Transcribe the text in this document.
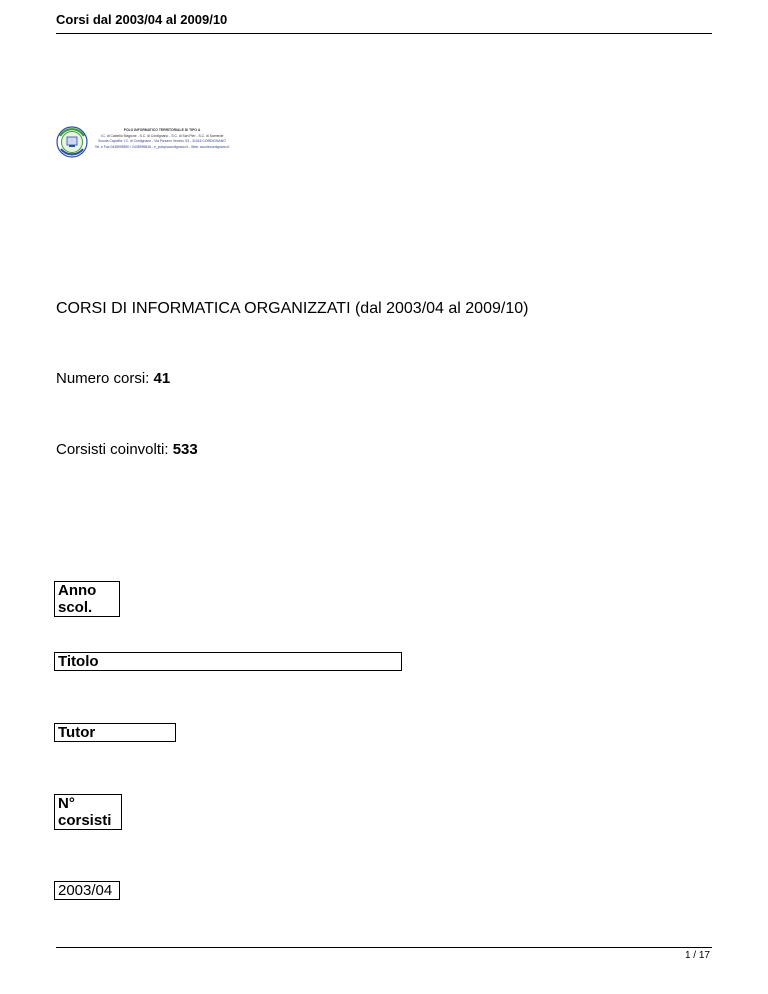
Corsi dal 2003/04 al 2009/10
POLO INFORMATICO TERRITORIALE DI TIPO A
I.C. di Castello Magione - S.C. di Cordignano - S.C. di San Pier - S.C. di Sarmede
Scuola Capofila: I.C. di Cordignano - Via Pizzano Veneto, 53 - 31016 CORDIGNANO
Tel. e Fax 0438995590 / 0438995818 - e_polopiucordignano.it - Web: scuolecordignano.it
CORSI DI INFORMATICA ORGANIZZATI (dal 2003/04 al 2009/10)
Numero corsi: 41
Corsisti coinvolti: 533
Anno scol.
Titolo
Tutor
N° corsisti
2003/04
1 / 17
